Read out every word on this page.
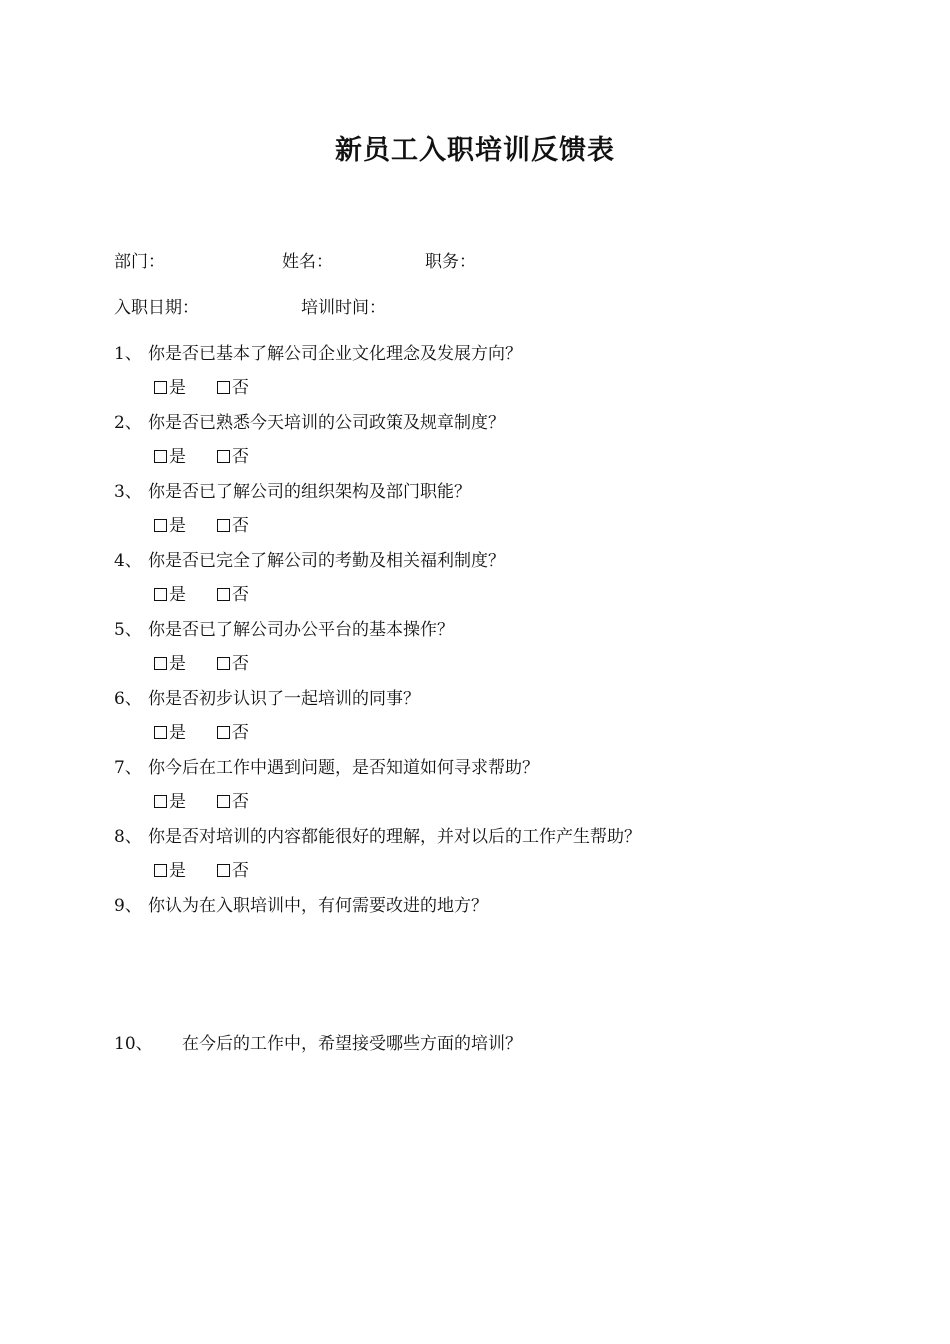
新员工入职培训反馈表
部门：	姓名：	职务：
入职日期：	培训时间：
1、 你是否已基本了解公司企业文化理念及发展方向？
是	否
2、 你是否已熟悉今天培训的公司政策及规章制度？
是	否
3、 你是否已了解公司的组织架构及部门职能？
是	否
4、 你是否已完全了解公司的考勤及相关福利制度？
是	否
5、 你是否已了解公司办公平台的基本操作？
是	否
6、 你是否初步认识了一起培训的同事？
是	否
7、 你今后在工作中遇到问题，是否知道如何寻求帮助？
是	否
8、 你是否对培训的内容都能很好的理解，并对以后的工作产生帮助？
是	否
9、 你认为在入职培训中，有何需要改进的地方？
10、 在今后的工作中，希望接受哪些方面的培训？
